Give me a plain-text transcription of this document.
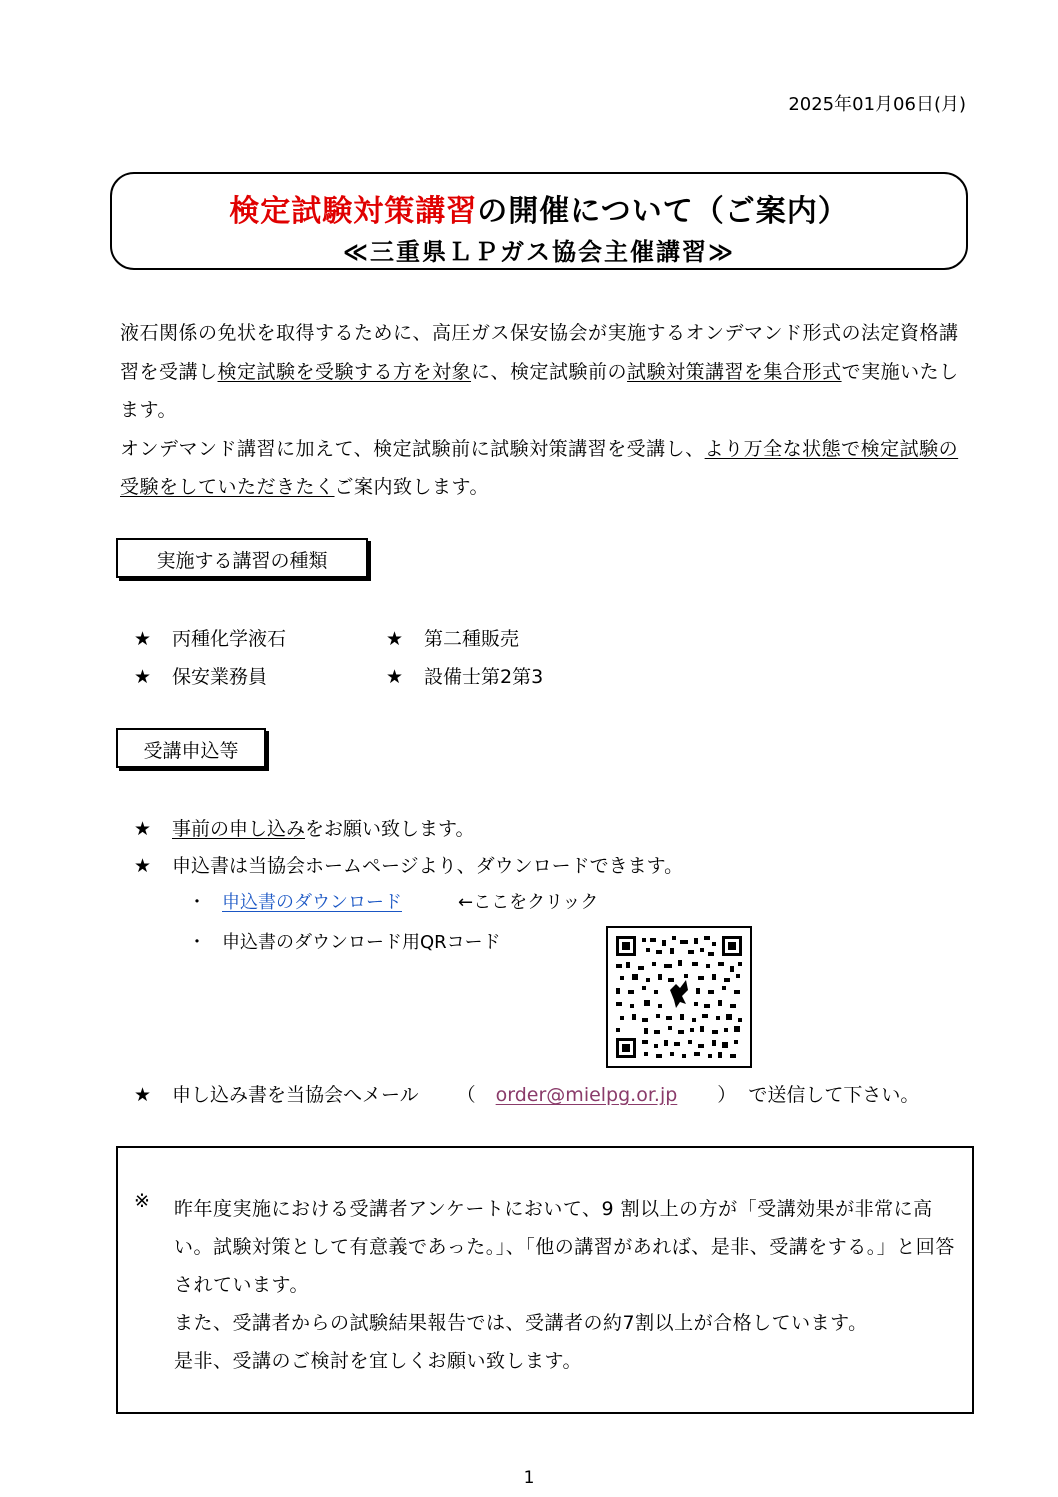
2025年01月06日(月)
検定試験対策講習の開催について（ご案内）
≪三重県ＬＰガス協会主催講習≫
液石関係の免状を取得するために、高圧ガス保安協会が実施するオンデマンド形式の法定資格講習を受講し検定試験を受験する方を対象に、検定試験前の試験対策講習を集合形式で実施いたします。
オンデマンド講習に加えて、検定試験前に試験対策講習を受講し、より万全な状態で検定試験の受験をしていただきたくご案内致します。
実施する講習の種類
★ 丙種化学液石	★ 第二種販売
★ 保安業務員	★ 設備士第2第3
受講申込等
★ 事前の申し込みをお願い致します。
★ 申込書は当協会ホームページより、ダウンロードできます。
・ 申込書のダウンロード	←ここをクリック
・ 申込書のダウンロード用QRコード
★ 申し込み書を当協会へメール （ order@mielpg.or.jp ） で送信して下さい。
※ 昨年度実施における受講者アンケートにおいて、9 割以上の方が「受講効果が非常に高い。試験対策として有意義であった。」、「他の講習があれば、是非、受講をする。」と回答されています。
また、受講者からの試験結果報告では、受講者の約7割以上が合格しています。
是非、受講のご検討を宜しくお願い致します。
1
